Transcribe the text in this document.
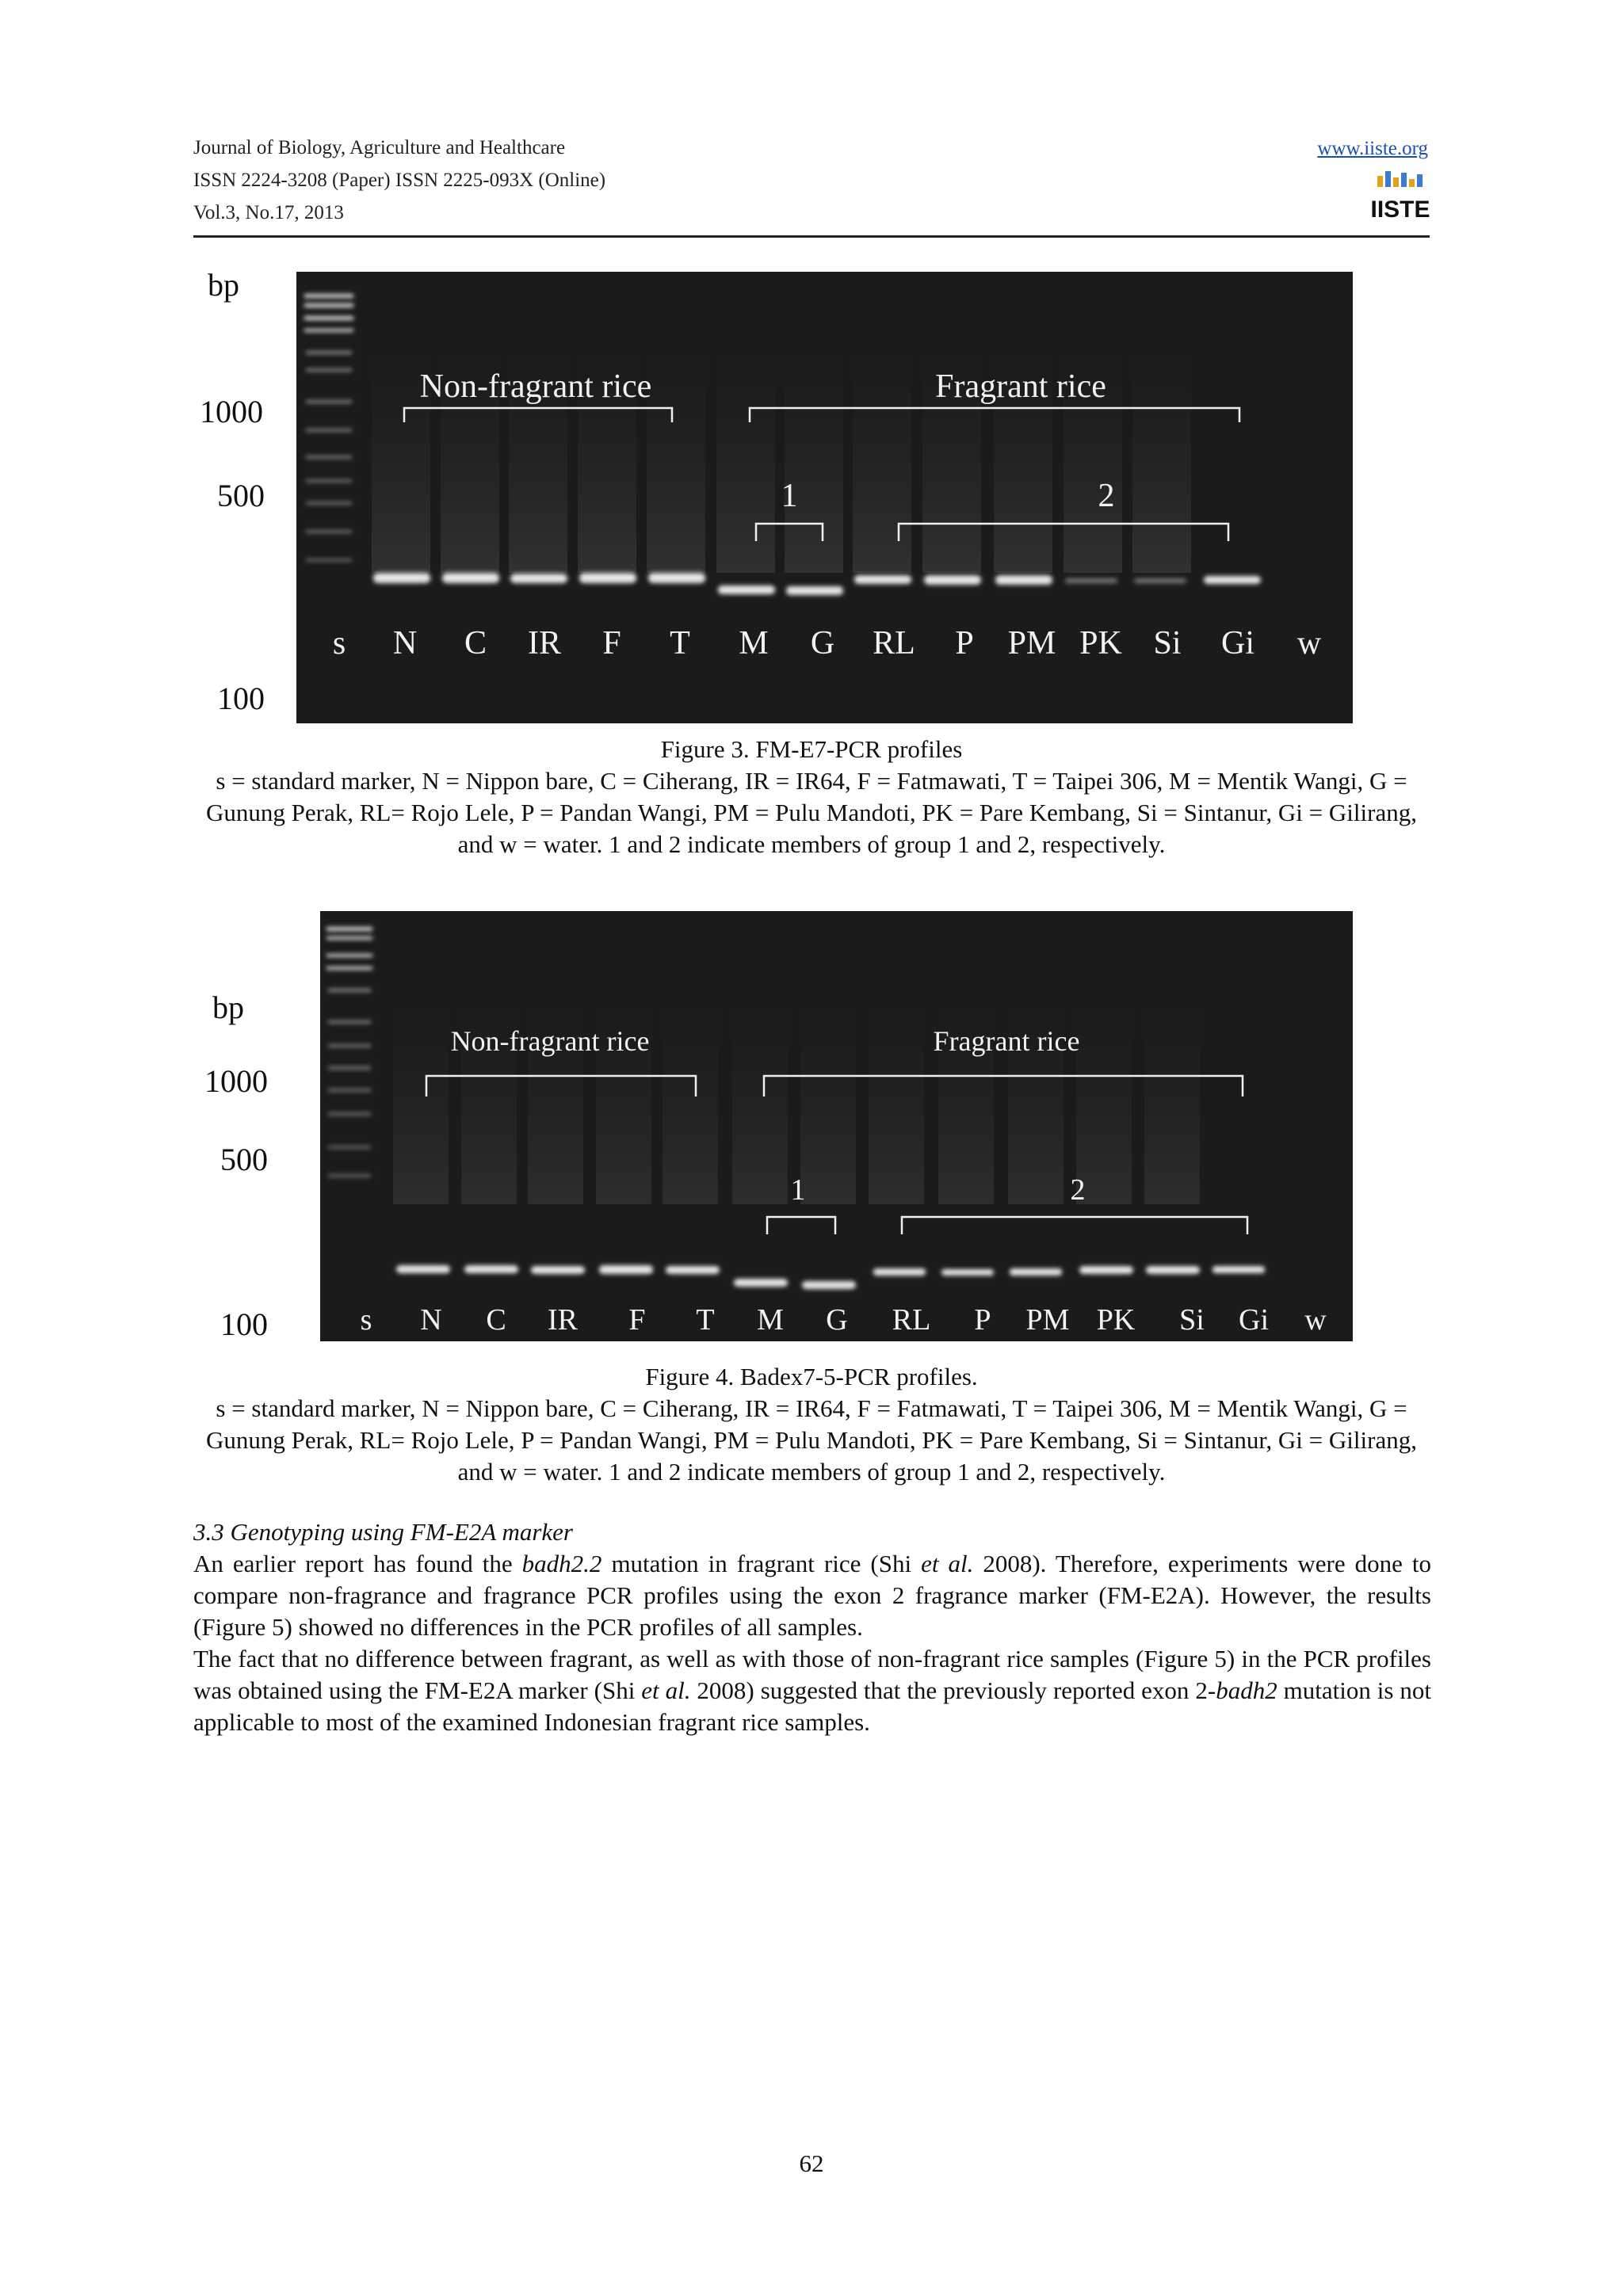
Journal of Biology, Agriculture and Healthcare
ISSN 2224-3208 (Paper) ISSN 2225-093X (Online)
Vol.3, No.17, 2013
www.iiste.org
IISTE
bp
1000
500
100
Non-fragrant rice	Fragrant rice
1	2
s N C IR F T M G RL P PM PK Si Gi w
Figure 3. FM-E7-PCR profiles
s = standard marker, N = Nippon bare, C = Ciherang, IR = IR64, F = Fatmawati, T = Taipei 306, M = Mentik Wangi, G = Gunung Perak, RL= Rojo Lele, P = Pandan Wangi, PM = Pulu Mandoti, PK = Pare Kembang, Si = Sintanur, Gi = Gilirang, and w = water. 1 and 2 indicate members of group 1 and 2, respectively.
bp
1000
500
100
Non-fragrant rice	Fragrant rice
1	2
s N C IR F T M G RL P PM PK Si Gi w
Figure 4. Badex7-5-PCR profiles.
s = standard marker, N = Nippon bare, C = Ciherang, IR = IR64, F = Fatmawati, T = Taipei 306, M = Mentik Wangi, G = Gunung Perak, RL= Rojo Lele, P = Pandan Wangi, PM = Pulu Mandoti, PK = Pare Kembang, Si = Sintanur, Gi = Gilirang, and w = water. 1 and 2 indicate members of group 1 and 2, respectively.
3.3 Genotyping using FM-E2A marker
An earlier report has found the badh2.2 mutation in fragrant rice (Shi et al. 2008). Therefore, experiments were done to compare non-fragrance and fragrance PCR profiles using the exon 2 fragrance marker (FM-E2A). However, the results (Figure 5) showed no differences in the PCR profiles of all samples.
The fact that no difference between fragrant, as well as with those of non-fragrant rice samples (Figure 5) in the PCR profiles was obtained using the FM-E2A marker (Shi et al. 2008) suggested that the previously reported exon 2-badh2 mutation is not applicable to most of the examined Indonesian fragrant rice samples.
62
